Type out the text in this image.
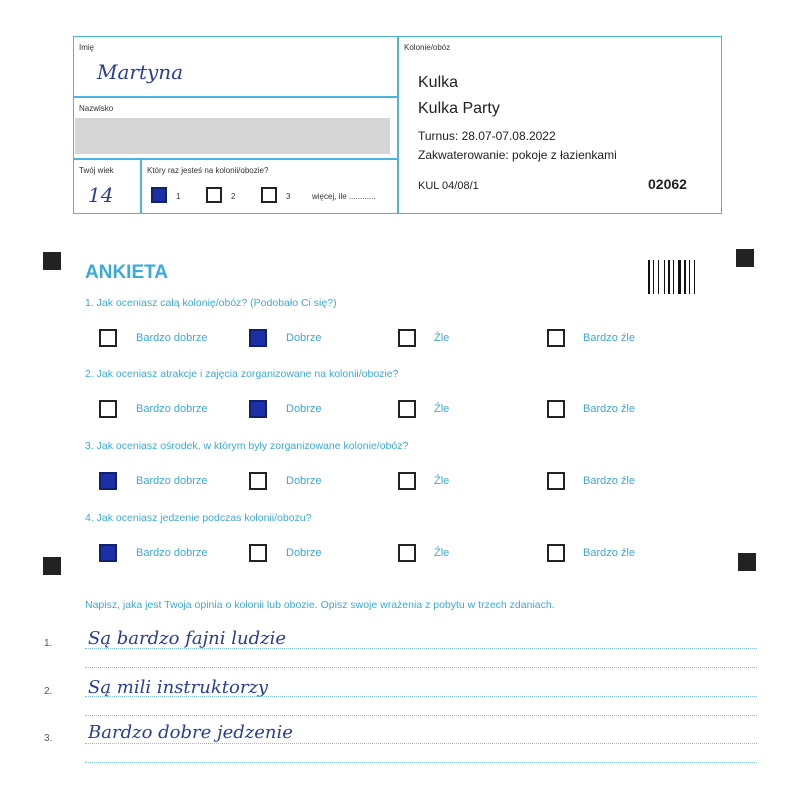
Imię
Martyna
Nazwisko
Twój wiek
14
Który raz jesteś na kolonii/obozie?
1	2	3	więcej, ile ............
Kolonie/obóz
Kulka
Kulka Party
Turnus: 28.07-07.08.2022
Zakwaterowanie: pokoje z łazienkami
KUL 04/08/1	02062
ANKIETA
1. Jak oceniasz całą kolonię/obóz? (Podobało Ci się?)
Bardzo dobrze	Dobrze	Źle	Bardzo źle
2. Jak oceniasz atrakcje i zajęcia zorganizowane na kolonii/obozie?
Bardzo dobrze	Dobrze	Źle	Bardzo źle
3. Jak oceniasz ośrodek, w którym były zorganizowane kolonie/obóz?
Bardzo dobrze	Dobrze	Źle	Bardzo źle
4. Jak oceniasz jedzenie podczas kolonii/obozu?
Bardzo dobrze	Dobrze	Źle	Bardzo źle
Napisz, jaka jest Twoja opinia o kolonii lub obozie. Opisz swoje wrażenia z pobytu w trzech zdaniach.
1. Są bardzo fajni ludzie
2. Są mili instruktorzy
3. Bardzo dobre jedzenie
